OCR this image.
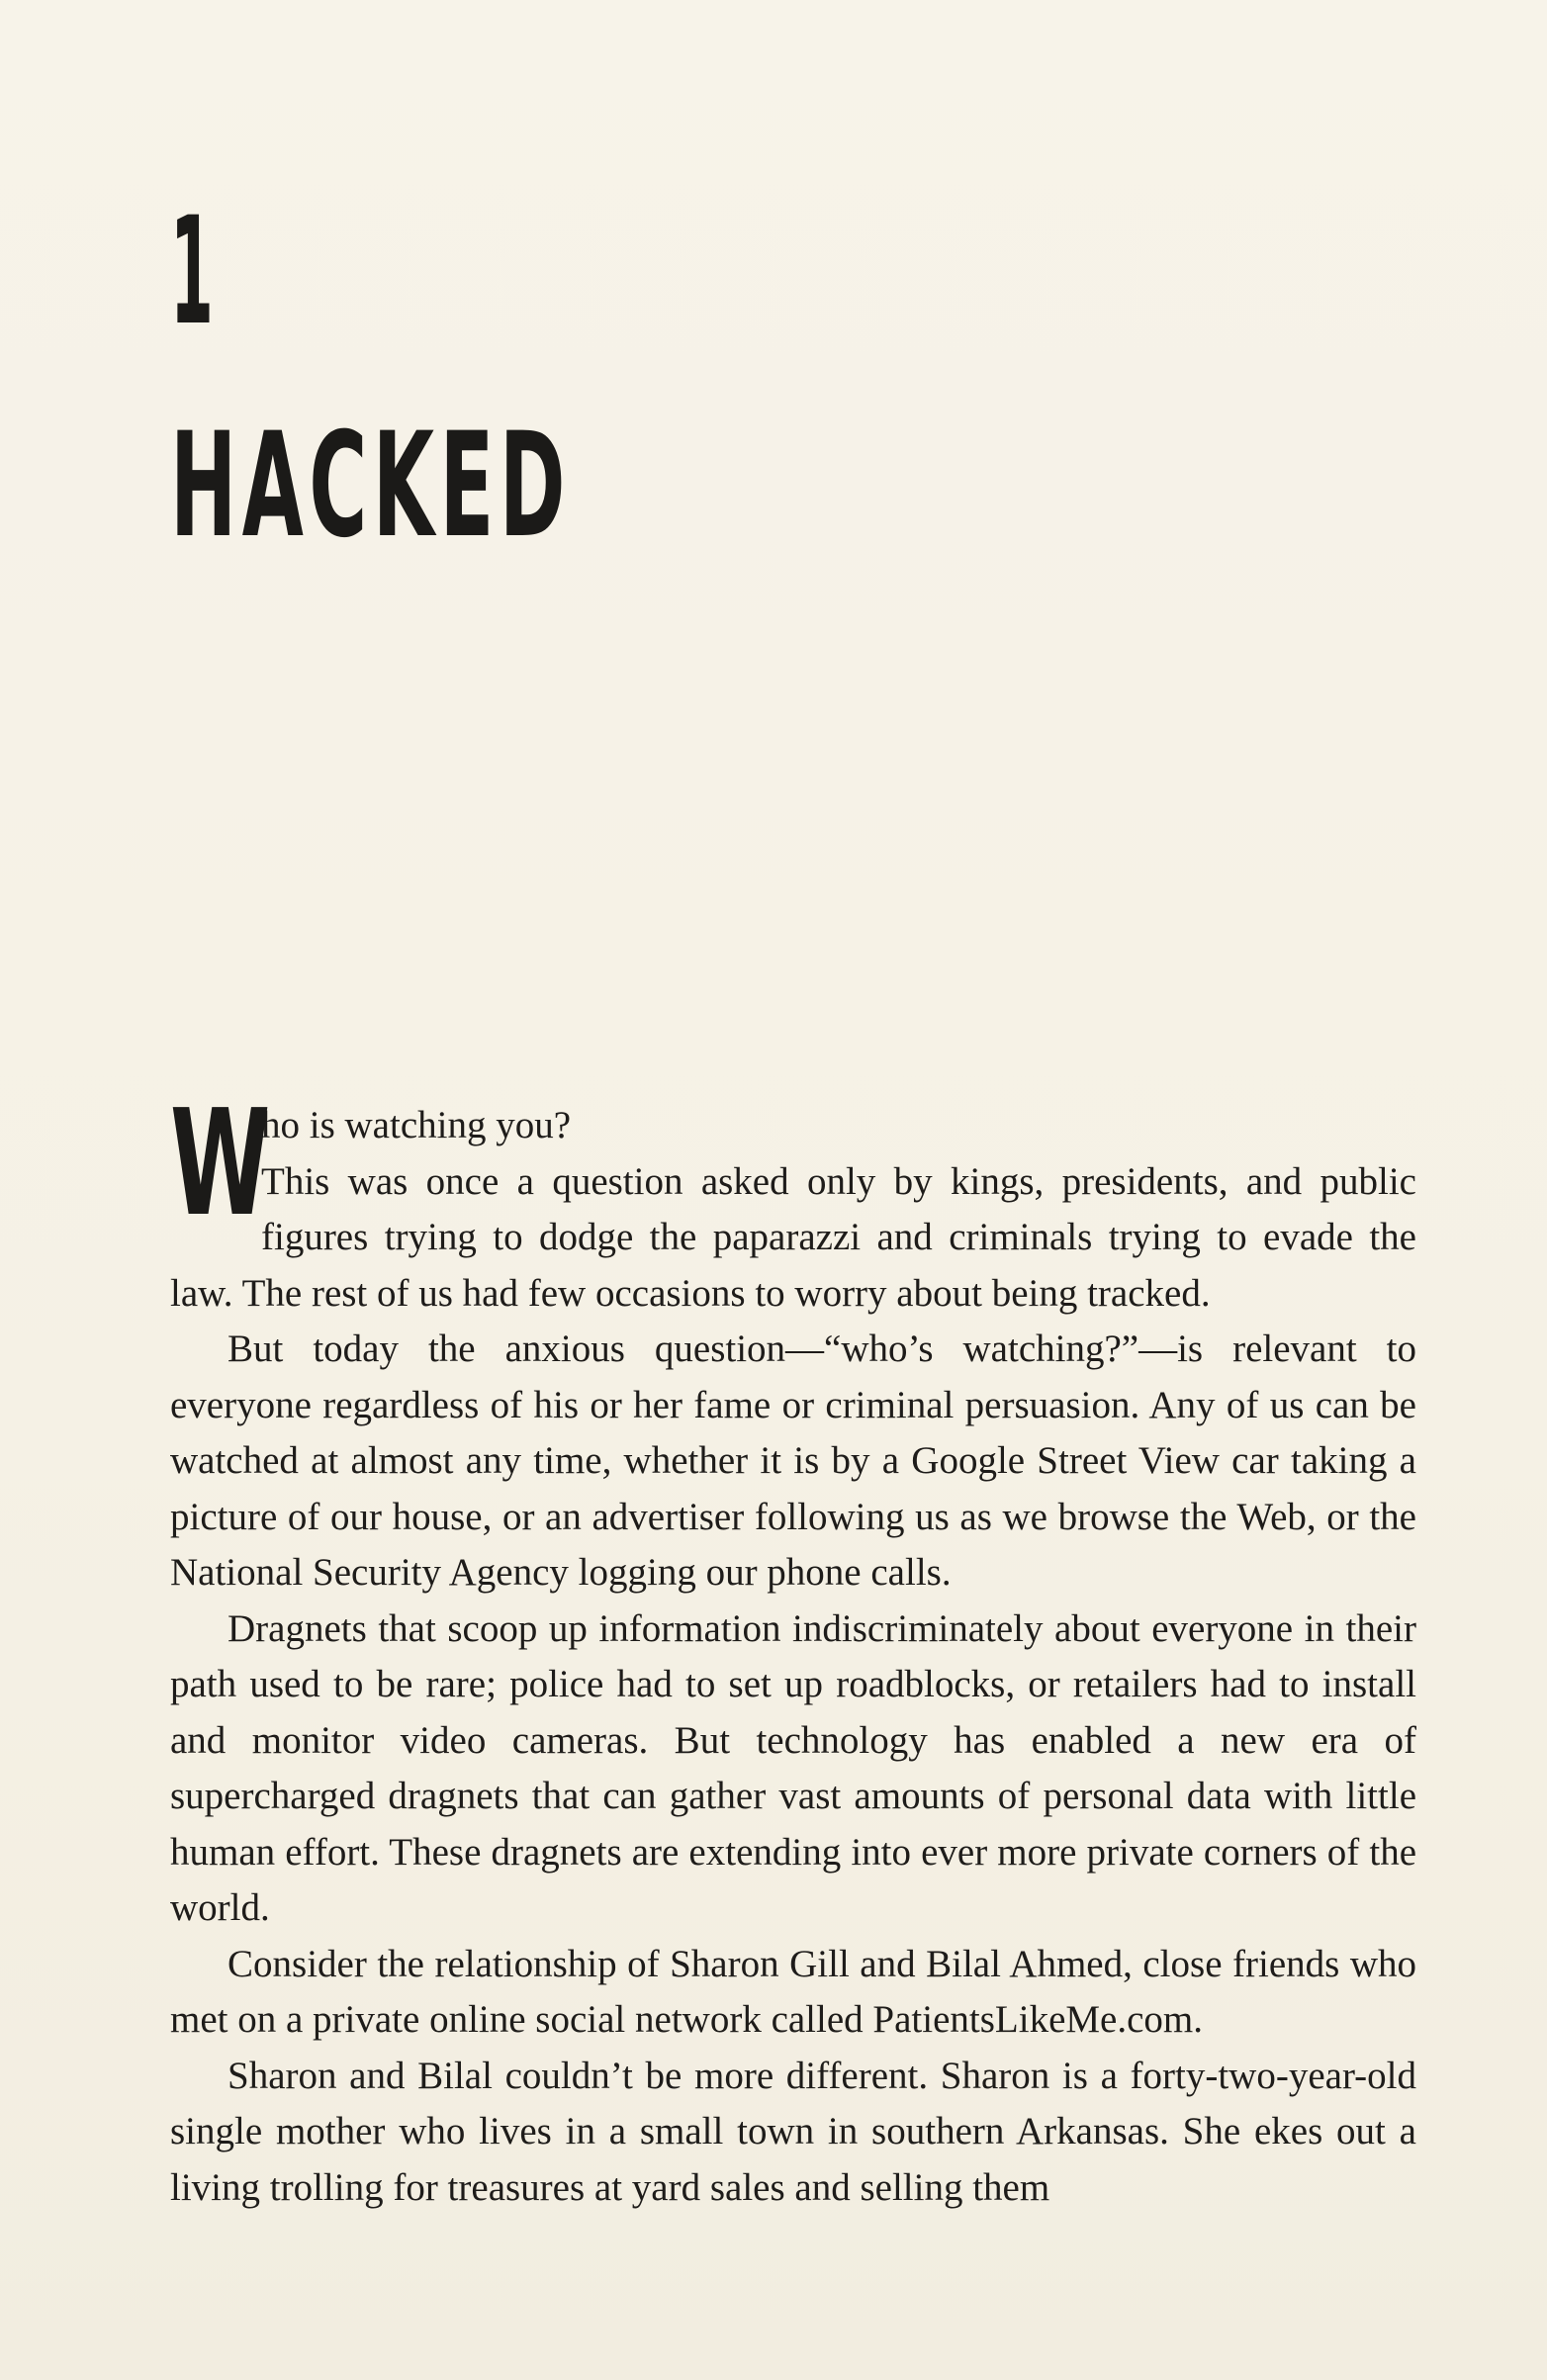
1
HACKED

W
ho is watching you?
This was once a question asked only by kings, presidents, and public figures trying to dodge the paparazzi and criminals trying to evade the law. The rest of us had few occasions to worry about being tracked.

But today the anxious question—“who’s watching?”—is relevant to everyone regardless of his or her fame or criminal persuasion. Any of us can be watched at almost any time, whether it is by a Google Street View car taking a picture of our house, or an advertiser following us as we browse the Web, or the National Security Agency logging our phone calls.

Dragnets that scoop up information indiscriminately about everyone in their path used to be rare; police had to set up roadblocks, or retailers had to install and monitor video cameras. But technology has enabled a new era of supercharged dragnets that can gather vast amounts of personal data with little human effort. These dragnets are extending into ever more private corners of the world.

Consider the relationship of Sharon Gill and Bilal Ahmed, close friends who met on a private online social network called PatientsLikeMe.com.

Sharon and Bilal couldn’t be more different. Sharon is a forty-two-year-old single mother who lives in a small town in southern Arkansas. She ekes out a living trolling for treasures at yard sales and selling them
